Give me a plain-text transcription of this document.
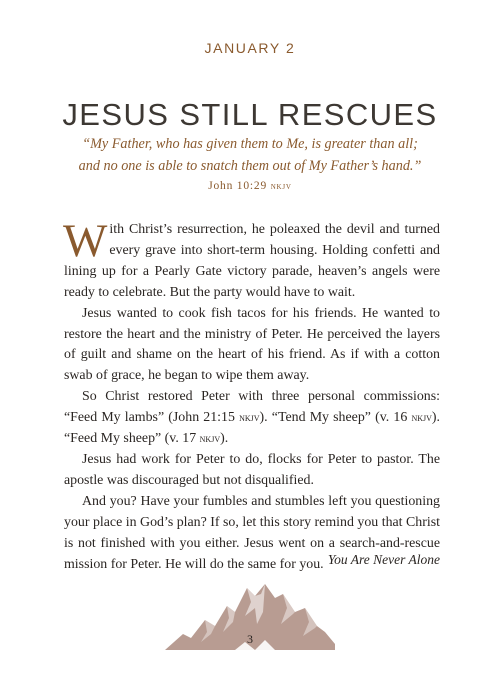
JANUARY 2
JESUS STILL RESCUES
“My Father, who has given them to Me, is greater than all;
and no one is able to snatch them out of My Father’s hand.”
John 10:29 nkjv

With Christ’s resurrection, he poleaxed the devil and turned every grave into short-term housing. Holding confetti and lining up for a Pearly Gate victory parade, heaven’s angels were ready to celebrate. But the party would have to wait.

Jesus wanted to cook fish tacos for his friends. He wanted to restore the heart and the ministry of Peter. He perceived the layers of guilt and shame on the heart of his friend. As if with a cotton swab of grace, he began to wipe them away.

So Christ restored Peter with three personal commissions: “Feed My lambs” (John 21:15 nkjv). “Tend My sheep” (v. 16 nkjv). “Feed My sheep” (v. 17 nkjv).

Jesus had work for Peter to do, flocks for Peter to pastor. The apostle was discouraged but not disqualified.

And you? Have your fumbles and stumbles left you questioning your place in God’s plan? If so, let this story remind you that Christ is not finished with you either. Jesus went on a search-and-rescue mission for Peter. He will do the same for you. You Are Never Alone
3
